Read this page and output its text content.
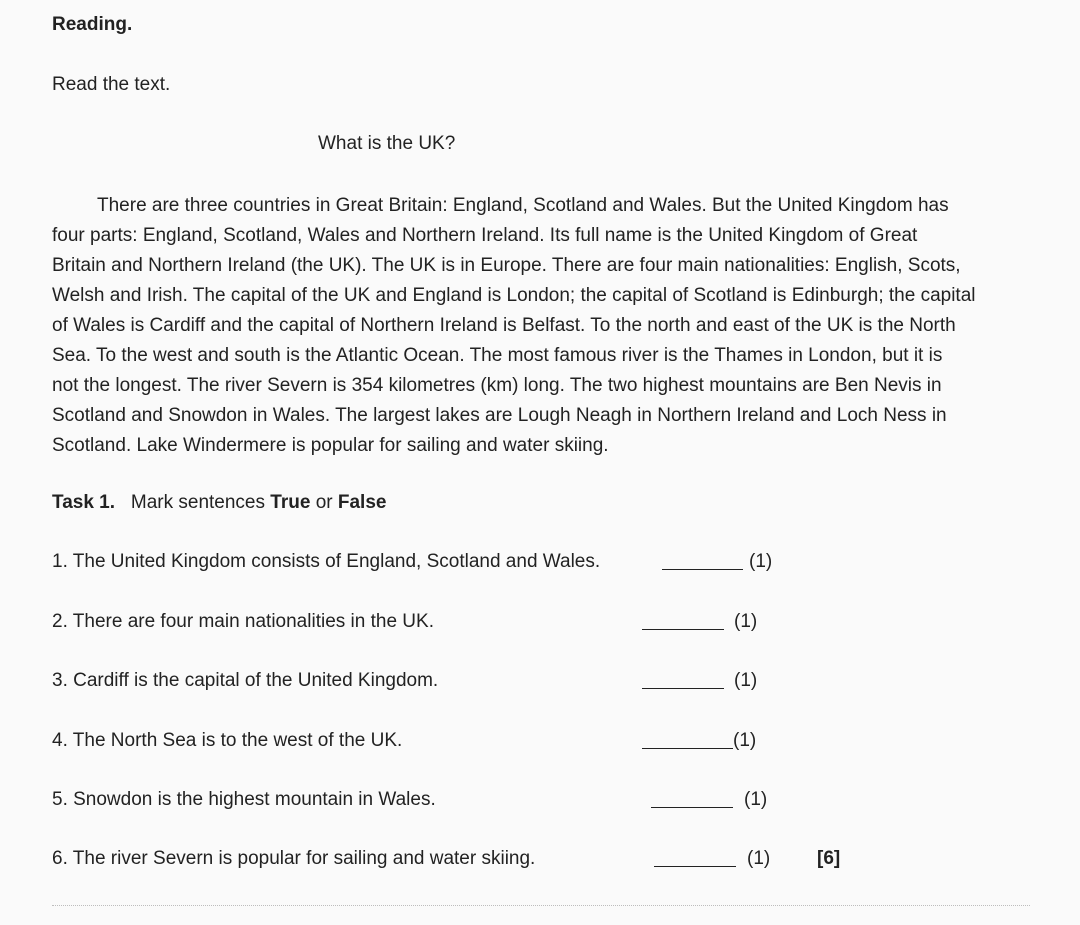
Reading.
Read the text.
What is the UK?
There are three countries in Great Britain: England, Scotland and Wales. But the United Kingdom has
four parts: England, Scotland, Wales and Northern Ireland. Its full name is the United Kingdom of Great
Britain and Northern Ireland (the UK). The UK is in Europe. There are four main nationalities: English, Scots,
Welsh and Irish. The capital of the UK and England is London; the capital of Scotland is Edinburgh; the capital
of Wales is Cardiff and the capital of Northern Ireland is Belfast. To the north and east of the UK is the North
Sea. To the west and south is the Atlantic Ocean. The most famous river is the Thames in London, but it is
not the longest. The river Severn is 354 kilometres (km) long. The two highest mountains are Ben Nevis in
Scotland and Snowdon in Wales. The largest lakes are Lough Neagh in Northern Ireland and Loch Ness in
Scotland. Lake Windermere is popular for sailing and water skiing.
Task 1. Mark sentences True or False
1. The United Kingdom consists of England, Scotland and Wales.	(1)
2. There are four main nationalities in the UK.	(1)
3. Cardiff is the capital of the United Kingdom.	(1)
4. The North Sea is to the west of the UK.	(1)
5. Snowdon is the highest mountain in Wales.	(1)
6. The river Severn is popular for sailing and water skiing.	(1) [6]
